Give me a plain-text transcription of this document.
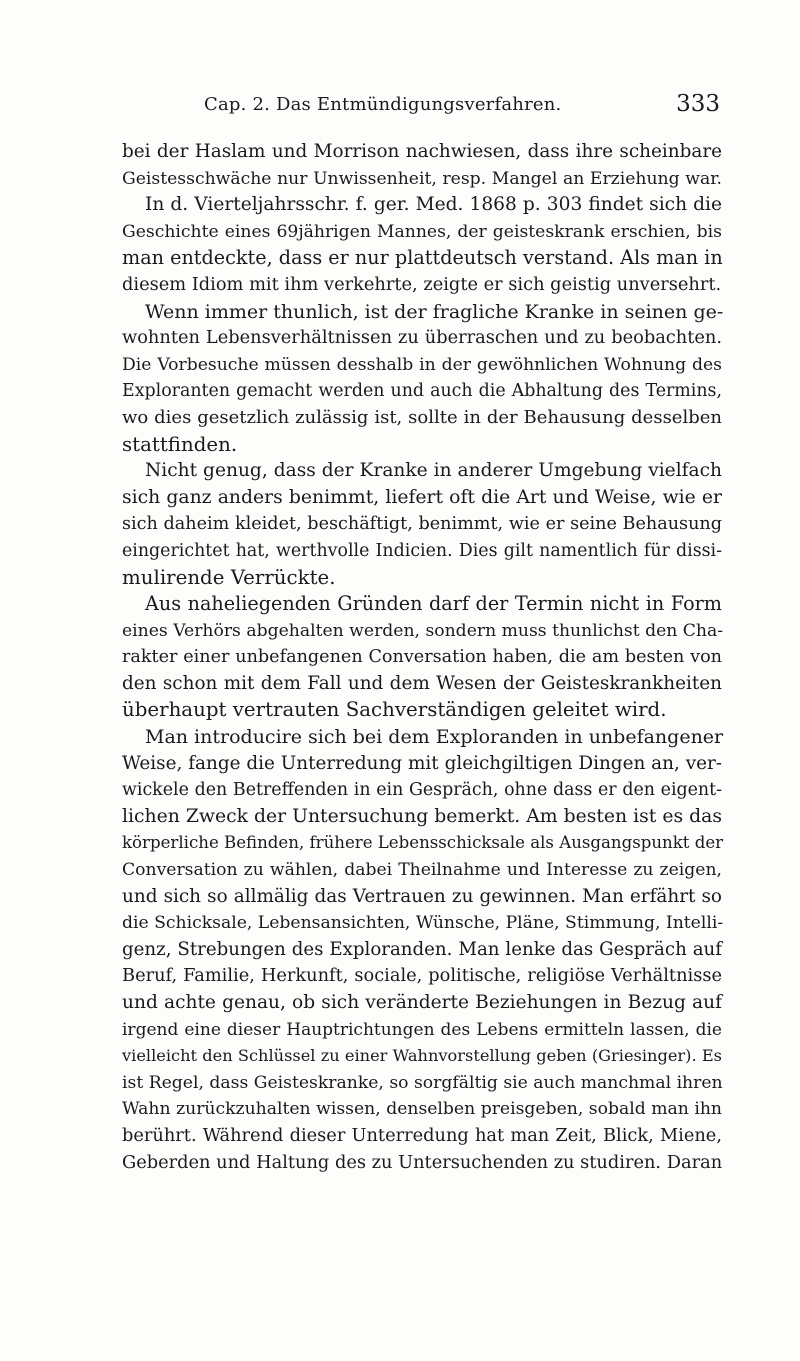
Cap. 2. Das Entmündigungsverfahren.	333
bei der Haslam und Morrison nachwiesen, dass ihre scheinbare
Geistesschwäche nur Unwissenheit, resp. Mangel an Erziehung war.
In d. Vierteljahrsschr. f. ger. Med. 1868 p. 303 findet sich die
Geschichte eines 69jährigen Mannes, der geisteskrank erschien, bis
man entdeckte, dass er nur plattdeutsch verstand. Als man in
diesem Idiom mit ihm verkehrte, zeigte er sich geistig unversehrt.
Wenn immer thunlich, ist der fragliche Kranke in seinen ge-
wohnten Lebensverhältnissen zu überraschen und zu beobachten.
Die Vorbesuche müssen desshalb in der gewöhnlichen Wohnung des
Exploranten gemacht werden und auch die Abhaltung des Termins,
wo dies gesetzlich zulässig ist, sollte in der Behausung desselben
stattfinden.
Nicht genug, dass der Kranke in anderer Umgebung vielfach
sich ganz anders benimmt, liefert oft die Art und Weise, wie er
sich daheim kleidet, beschäftigt, benimmt, wie er seine Behausung
eingerichtet hat, werthvolle Indicien. Dies gilt namentlich für dissi-
mulirende Verrückte.
Aus naheliegenden Gründen darf der Termin nicht in Form
eines Verhörs abgehalten werden, sondern muss thunlichst den Cha-
rakter einer unbefangenen Conversation haben, die am besten von
den schon mit dem Fall und dem Wesen der Geisteskrankheiten
überhaupt vertrauten Sachverständigen geleitet wird.
Man introducire sich bei dem Exploranden in unbefangener
Weise, fange die Unterredung mit gleichgiltigen Dingen an, ver-
wickele den Betreffenden in ein Gespräch, ohne dass er den eigent-
lichen Zweck der Untersuchung bemerkt. Am besten ist es das
körperliche Befinden, frühere Lebensschicksale als Ausgangspunkt der
Conversation zu wählen, dabei Theilnahme und Interesse zu zeigen,
und sich so allmälig das Vertrauen zu gewinnen. Man erfährt so
die Schicksale, Lebensansichten, Wünsche, Pläne, Stimmung, Intelli-
genz, Strebungen des Exploranden. Man lenke das Gespräch auf
Beruf, Familie, Herkunft, sociale, politische, religiöse Verhältnisse
und achte genau, ob sich veränderte Beziehungen in Bezug auf
irgend eine dieser Hauptrichtungen des Lebens ermitteln lassen, die
vielleicht den Schlüssel zu einer Wahnvorstellung geben (Griesinger). Es
ist Regel, dass Geisteskranke, so sorgfältig sie auch manchmal ihren
Wahn zurückzuhalten wissen, denselben preisgeben, sobald man ihn
berührt. Während dieser Unterredung hat man Zeit, Blick, Miene,
Geberden und Haltung des zu Untersuchenden zu studiren. Daran
